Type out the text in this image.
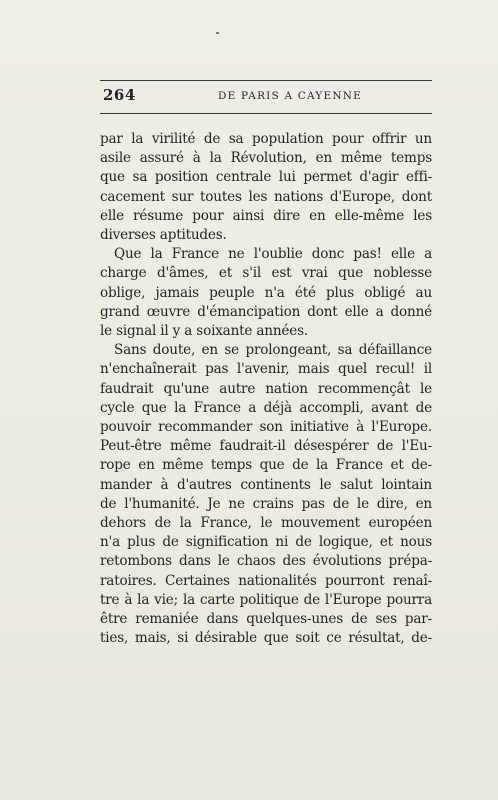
264	DE PARIS A CAYENNE
par la virilité de sa population pour offrir un
asile assuré à la Révolution, en même temps
que sa position centrale lui permet d'agir effi-
cacement sur toutes les nations d'Europe, dont
elle résume pour ainsi dire en elle-même les
diverses aptitudes.
Que la France ne l'oublie donc pas! elle a
charge d'âmes, et s'il est vrai que noblesse
oblige, jamais peuple n'a été plus obligé au
grand œuvre d'émancipation dont elle a donné
le signal il y a soixante années.
Sans doute, en se prolongeant, sa défaillance
n'enchaînerait pas l'avenir, mais quel recul! il
faudrait qu'une autre nation recommençât le
cycle que la France a déjà accompli, avant de
pouvoir recommander son initiative à l'Europe.
Peut-être même faudrait-il désespérer de l'Eu-
rope en même temps que de la France et de-
mander à d'autres continents le salut lointain
de l'humanité. Je ne crains pas de le dire, en
dehors de la France, le mouvement européen
n'a plus de signification ni de logique, et nous
retombons dans le chaos des évolutions prépa-
ratoires. Certaines nationalités pourront renaî-
tre à la vie; la carte politique de l'Europe pourra
être remaniée dans quelques-unes de ses par-
ties, mais, si désirable que soit ce résultat, de-
